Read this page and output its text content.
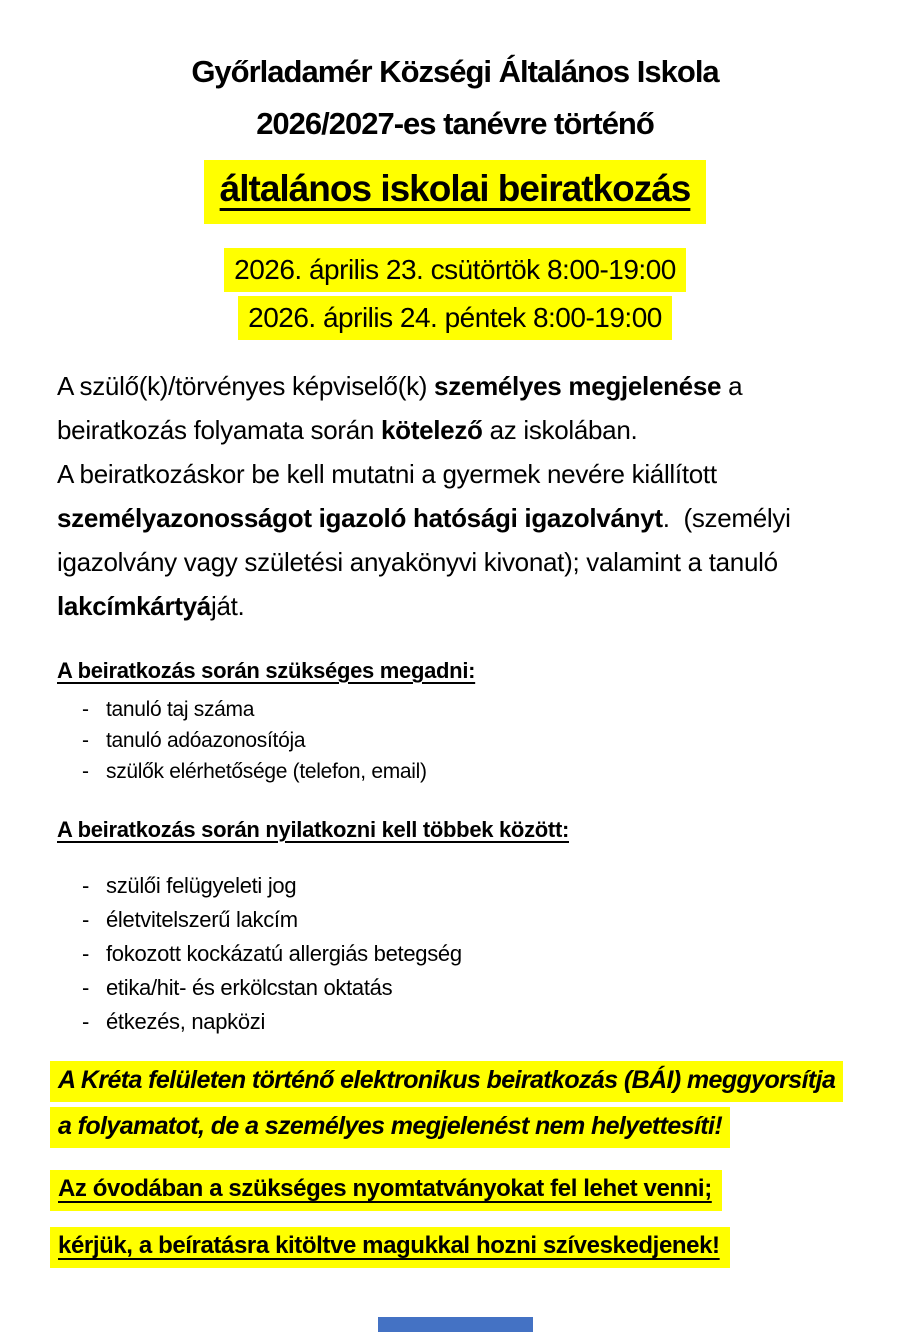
Győrladamér Községi Általános Iskola
2026/2027-es tanévre történő
általános iskolai beiratkozás
2026. április 23. csütörtök 8:00-19:00
2026. április 24. péntek 8:00-19:00
A szülő(k)/törvényes képviselő(k) személyes megjelenése a
beiratkozás folyamata során kötelező az iskolában.
A beiratkozáskor be kell mutatni a gyermek nevére kiállított
személyazonosságot igazoló hatósági igazolványt.  (személyi
igazolvány vagy születési anyakönyvi kivonat); valamint a tanuló
lakcímkártyáját.
A beiratkozás során szükséges megadni:
- tanuló taj száma
- tanuló adóazonosítója
- szülők elérhetősége (telefon, email)
A beiratkozás során nyilatkozni kell többek között:
- szülői felügyeleti jog
- életvitelszerű lakcím
- fokozott kockázatú allergiás betegség
- etika/hit- és erkölcstan oktatás
- étkezés, napközi
A Kréta felületen történő elektronikus beiratkozás (BÁI) meggyorsítja
a folyamatot, de a személyes megjelenést nem helyettesíti!
Az óvodában a szükséges nyomtatványokat fel lehet venni;
kérjük, a beíratásra kitöltve magukkal hozni szíveskedjenek!
